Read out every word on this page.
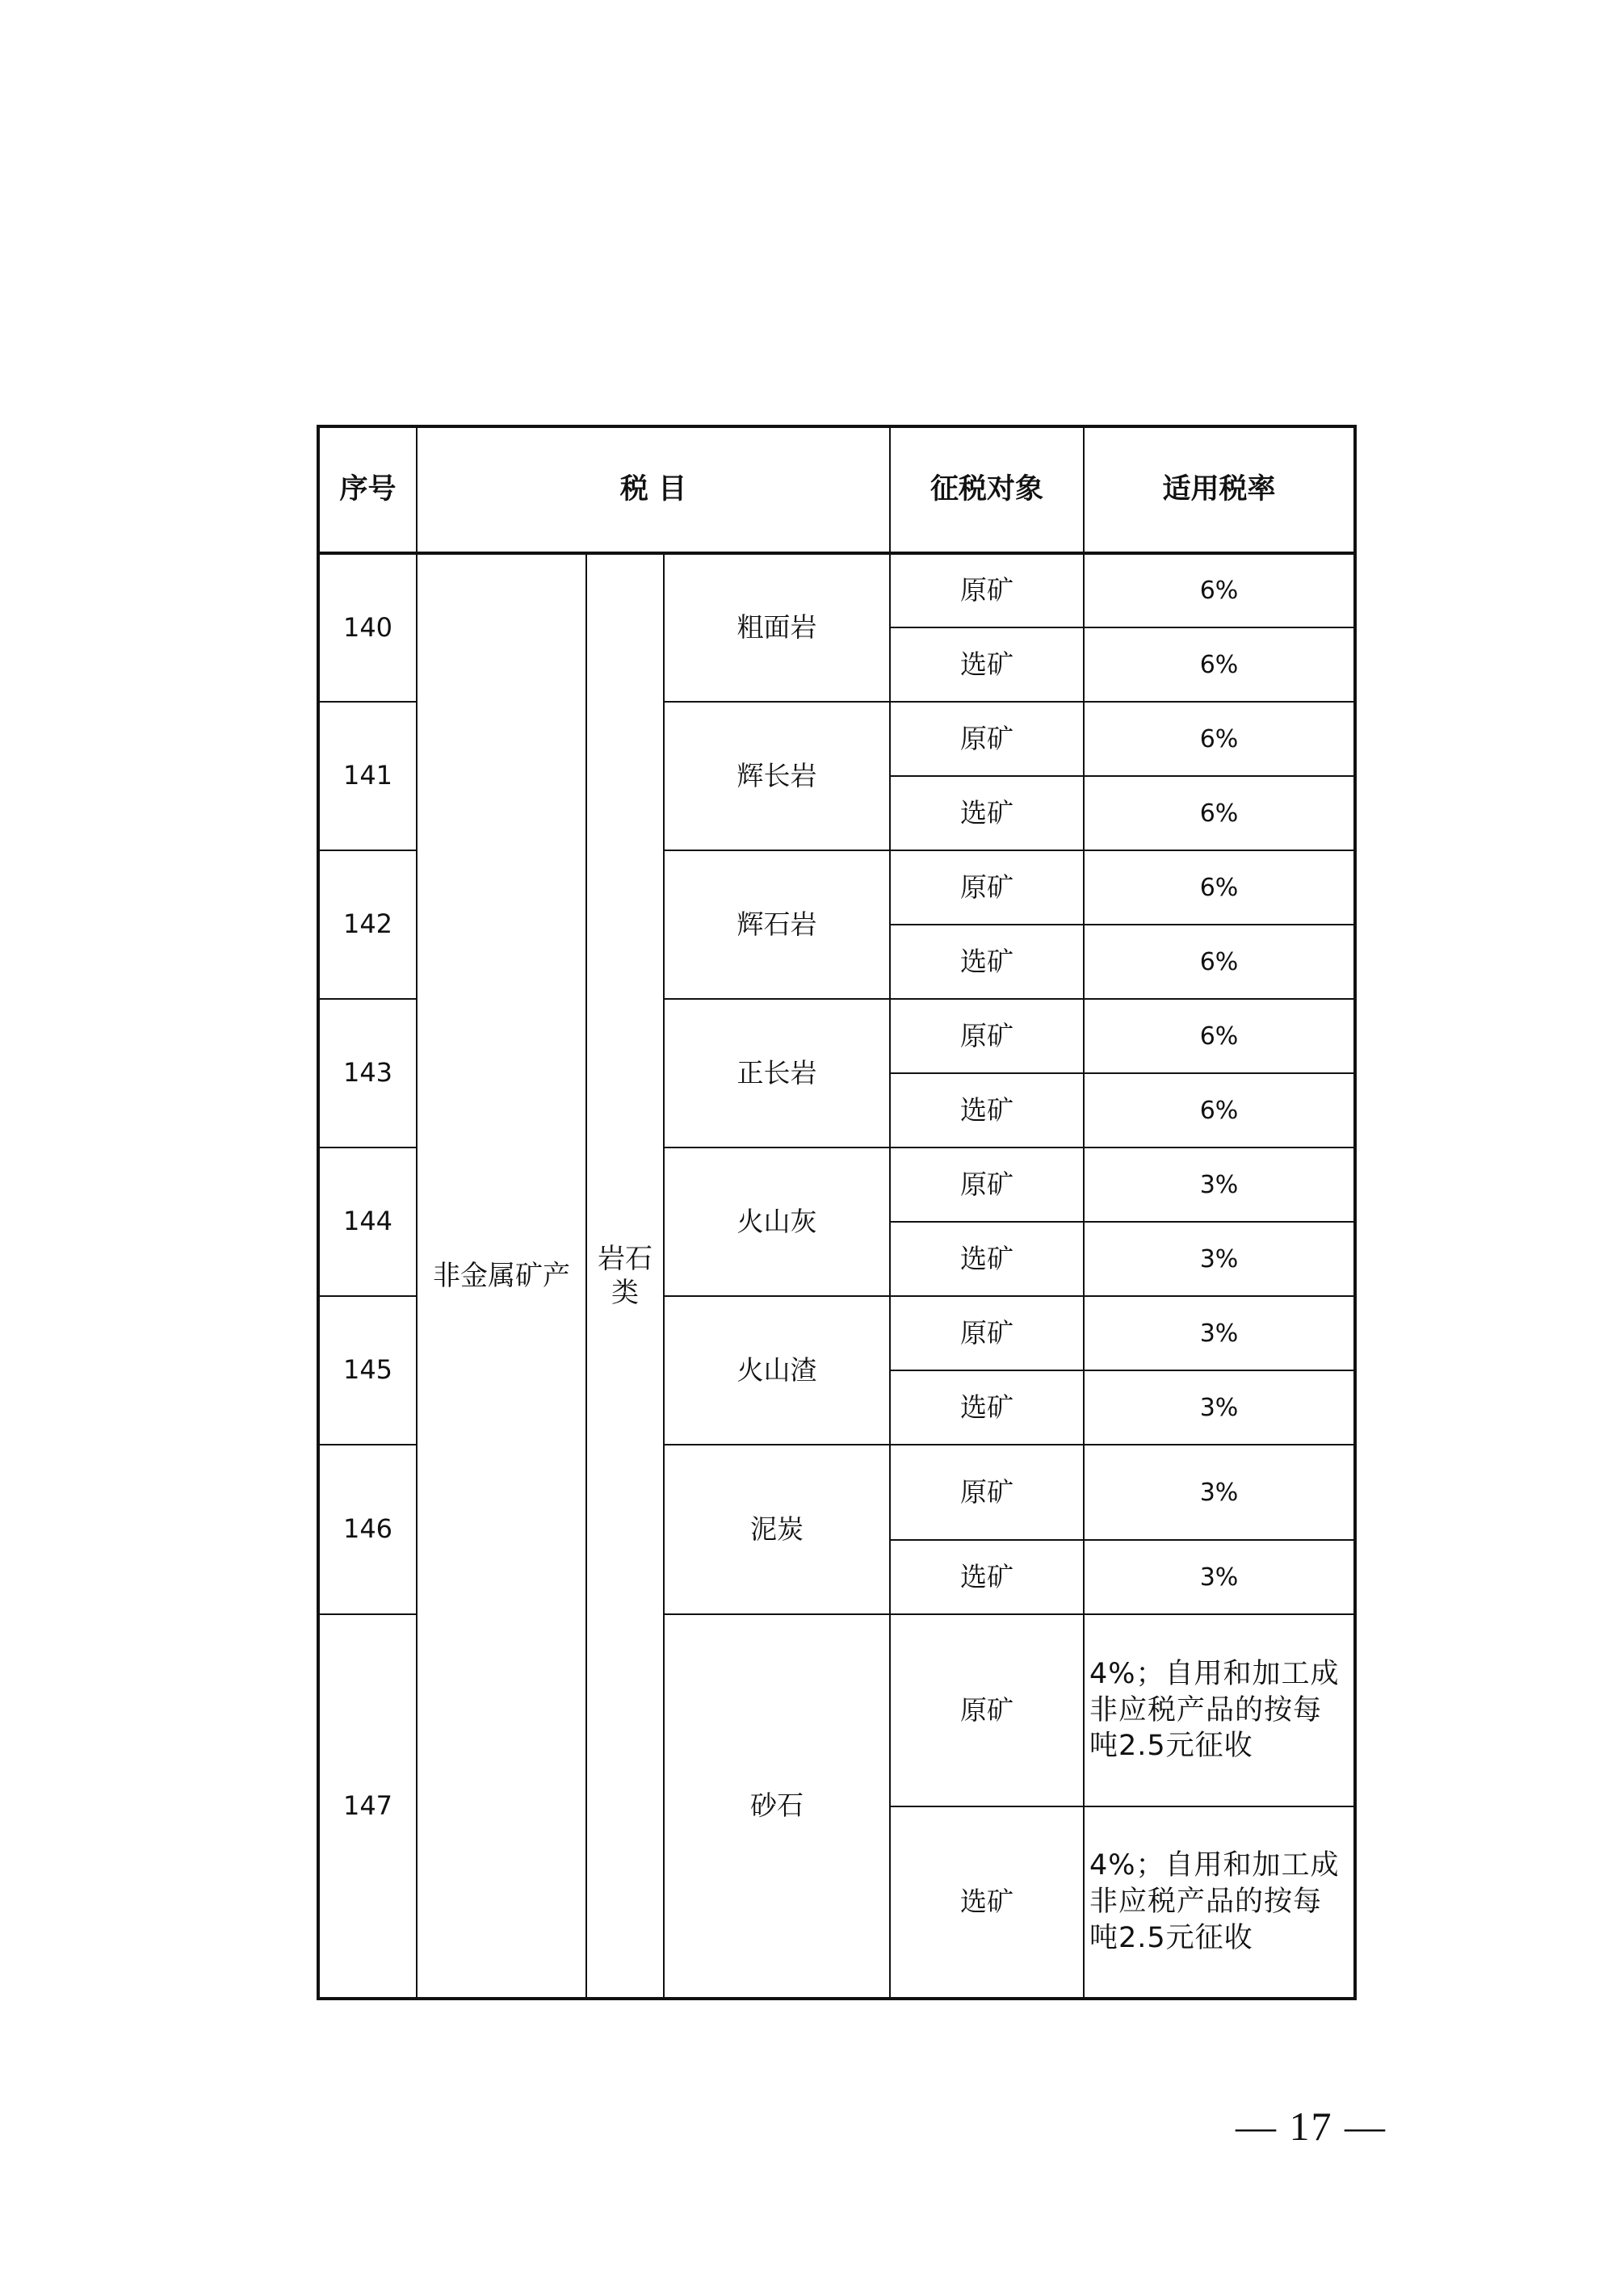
序号	税 目			征税对象	适用税率
140	非金属矿产	岩石类	粗面岩	原矿	6%
				选矿	6%
141			辉长岩	原矿	6%
				选矿	6%
142			辉石岩	原矿	6%
				选矿	6%
143			正长岩	原矿	6%
				选矿	6%
144			火山灰	原矿	3%
				选矿	3%
145			火山渣	原矿	3%
				选矿	3%
146			泥炭	原矿	3%
				选矿	3%
147			砂石	原矿	4%；自用和加工成非应税产品的按每吨2.5元征收
				选矿	4%；自用和加工成非应税产品的按每吨2.5元征收
— 17 —
